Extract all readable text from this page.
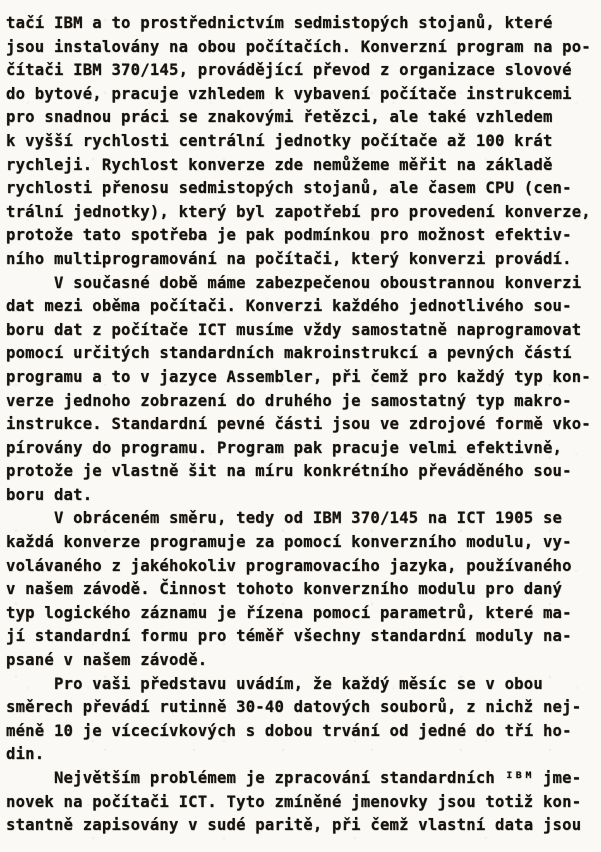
tačí IBM a to prostřednictvím sedmistopých stojanů, které
jsou instalovány na obou počítačích. Konverzní program na po-
čítači IBM 370/145, provádějící převod z organizace slovové
do bytové, pracuje vzhledem k vybavení počítače instrukcemi
pro snadnou práci se znakovými řetězci, ale také vzhledem
k vyšší rychlosti centrální jednotky počítače až 100 krát
rychleji. Rychlost konverze zde nemůžeme měřit na základě
rychlosti přenosu sedmistopých stojanů, ale časem CPU (cen-
trální jednotky), který byl zapotřebí pro provedení konverze,
protože tato spotřeba je pak podmínkou pro možnost efektiv-
ního multiprogramování na počítači, který konverzi provádí.
V současné době máme zabezpečenou oboustrannou konverzi
dat mezi oběma počítači. Konverzi každého jednotlivého sou-
boru dat z počítače ICT musíme vždy samostatně naprogramovat
pomocí určitých standardních makroinstrukcí a pevných částí
programu a to v jazyce Assembler, při čemž pro každý typ kon-
verze jednoho zobrazení do druhého je samostatný typ makro-
instrukce. Standardní pevné části jsou ve zdrojové formě vko-
pírovány do programu. Program pak pracuje velmi efektivně,
protože je vlastně šit na míru konkrétního převáděného sou-
boru dat.
V obráceném směru, tedy od IBM 370/145 na ICT 1905 se
každá konverze programuje za pomocí konverzního modulu, vy-
volávaného z jakéhokoliv programovacího jazyka, používaného
v našem závodě. Činnost tohoto konverzního modulu pro daný
typ logického záznamu je řízena pomocí parametrů, které ma-
jí standardní formu pro téměř všechny standardní moduly na-
psané v našem závodě.
Pro vaši představu uvádím, že každý měsíc se v obou
směrech převádí rutinně 30-40 datových souborů, z nichž nej-
méně 10 je vícecívkových s dobou trvání od jedné do tří ho-
din.
Největším problémem je zpracování standardních ᴵᴮᴹ jme-
novek na počítači ICT. Tyto zmíněné jmenovky jsou totiž kon-
stantně zapisovány v sudé paritě, při čemž vlastní data jsou
